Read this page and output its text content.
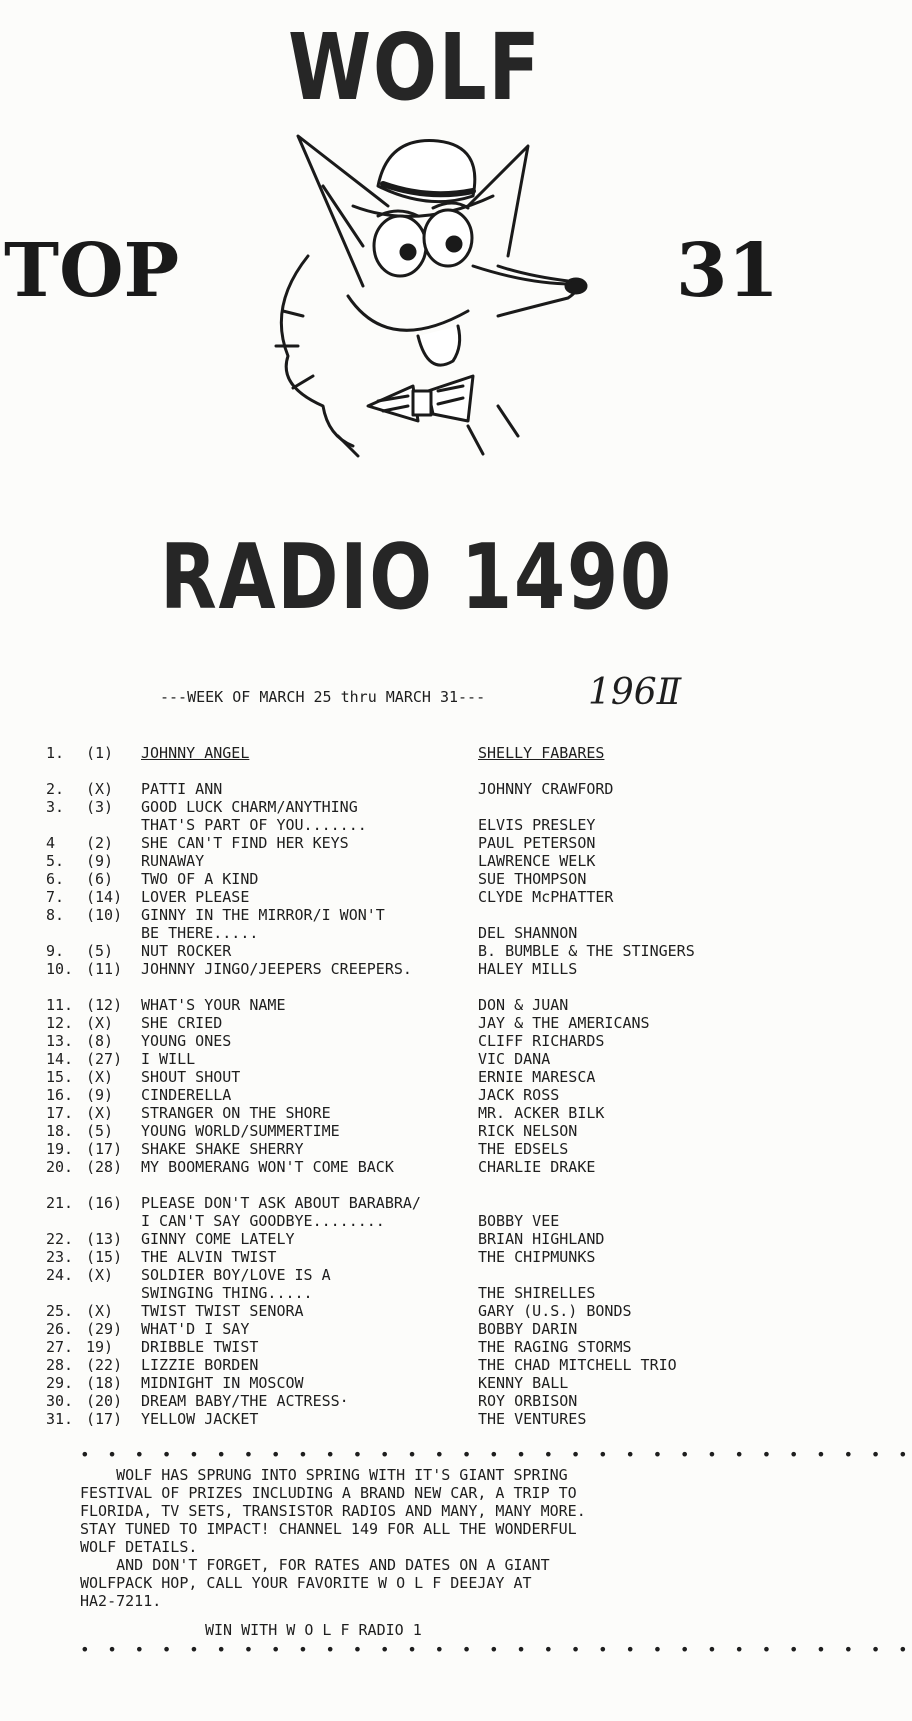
WOLF
TOP	31
RADIO 1490
---WEEK OF MARCH 25 thru MARCH 31---	196Ⅱ
1. (1) JOHNNY ANGEL	SHELLY FABARES
2. (X) PATTI ANN	JOHNNY CRAWFORD
3. (3) GOOD LUCK CHARM/ANYTHING
THAT'S PART OF YOU.......	ELVIS PRESLEY
4 (2) SHE CAN'T FIND HER KEYS	PAUL PETERSON
5. (9) RUNAWAY	LAWRENCE WELK
6. (6) TWO OF A KIND	SUE THOMPSON
7. (14) LOVER PLEASE	CLYDE McPHATTER
8. (10) GINNY IN THE MIRROR/I WON'T
BE THERE.....	DEL SHANNON
9. (5) NUT ROCKER	B. BUMBLE & THE STINGERS
10. (11) JOHNNY JINGO/JEEPERS CREEPERS.	HALEY MILLS
11. (12) WHAT'S YOUR NAME	DON & JUAN
12. (X) SHE CRIED	JAY & THE AMERICANS
13. (8) YOUNG ONES	CLIFF RICHARDS
14. (27) I WILL	VIC DANA
15. (X) SHOUT SHOUT	ERNIE MARESCA
16. (9) CINDERELLA	JACK ROSS
17. (X) STRANGER ON THE SHORE	MR. ACKER BILK
18. (5) YOUNG WORLD/SUMMERTIME	RICK NELSON
19. (17) SHAKE SHAKE SHERRY	THE EDSELS
20. (28) MY BOOMERANG WON'T COME BACK	CHARLIE DRAKE
21. (16) PLEASE DON'T ASK ABOUT BARABRA/
I CAN'T SAY GOODBYE........	BOBBY VEE
22. (13) GINNY COME LATELY	BRIAN HIGHLAND
23. (15) THE ALVIN TWIST	THE CHIPMUNKS
24. (X) SOLDIER BOY/LOVE IS A
SWINGING THING.....	THE SHIRELLES
25. (X) TWIST TWIST SENORA	GARY (U.S.) BONDS
26. (29) WHAT'D I SAY	BOBBY DARIN
27. 19) DRIBBLE TWIST	THE RAGING STORMS
28. (22) LIZZIE BORDEN	THE CHAD MITCHELL TRIO
29. (18) MIDNIGHT IN MOSCOW	KENNY BALL
30. (20) DREAM BABY/THE ACTRESS·	ROY ORBISON
31. (17) YELLOW JACKET	THE VENTURES
• • • • • • • • • • • • • • • • • • • • • • • • • • • • • • •
WOLF HAS SPRUNG INTO SPRING WITH IT'S GIANT SPRING
FESTIVAL OF PRIZES INCLUDING A BRAND NEW CAR, A TRIP TO
FLORIDA, TV SETS, TRANSISTOR RADIOS AND MANY, MANY MORE.
STAY TUNED TO IMPACT! CHANNEL 149 FOR ALL THE WONDERFUL
WOLF DETAILS.
AND DON'T FORGET, FOR RATES AND DATES ON A GIANT
WOLFPACK HOP, CALL YOUR FAVORITE W O L F DEEJAY AT
HA2-7211.
WIN WITH W O L F RADIO 1
• • • • • • • • • • • • • • • • • • • • • • • • • • • • • • •
